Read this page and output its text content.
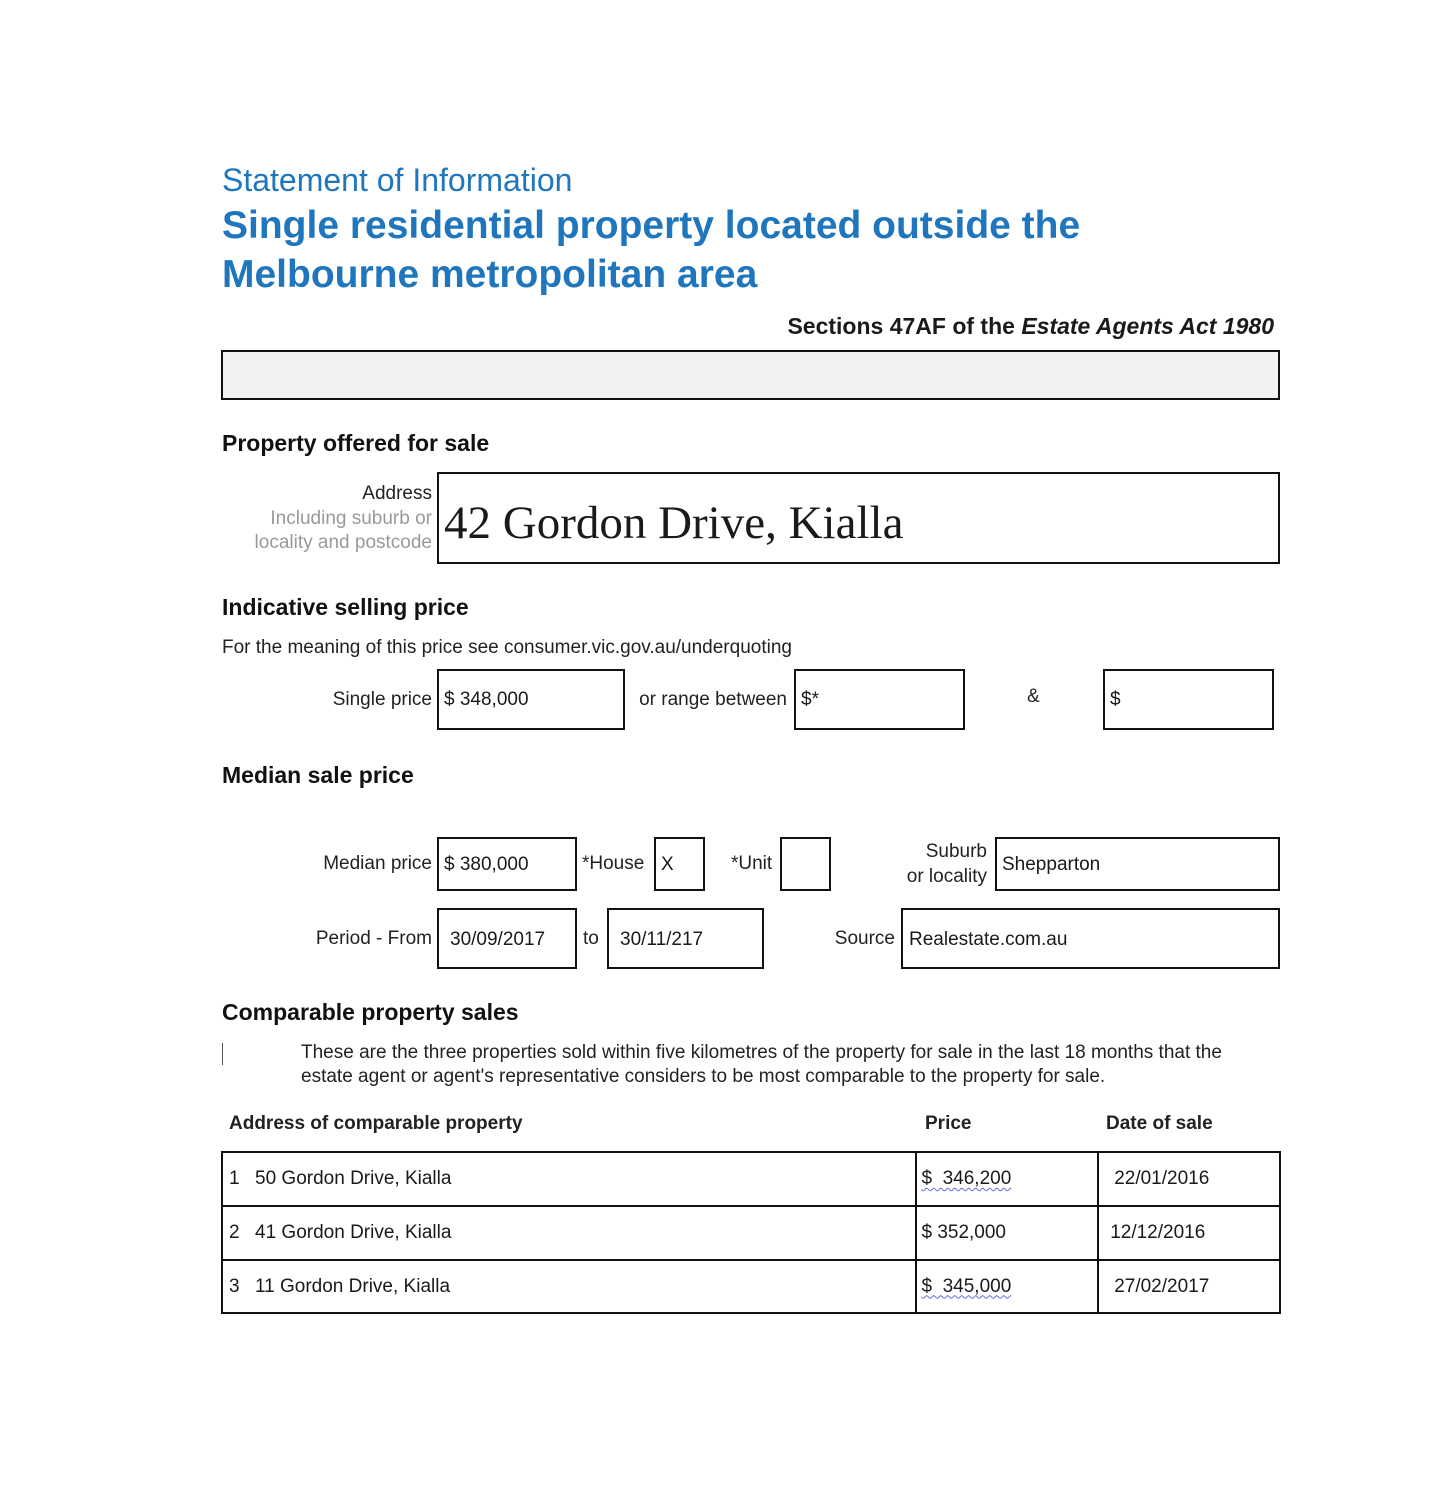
Statement of Information
Single residential property located outside the
Melbourne metropolitan area
Sections 47AF of the Estate Agents Act 1980
Property offered for sale
Address
Including suburb or
locality and postcode 42 Gordon Drive, Kialla
Indicative selling price
For the meaning of this price see consumer.vic.gov.au/underquoting
Single price $ 348,000	or range between $*	&	$
Median sale price
Median price $ 380,000	*House X	*Unit
Suburb
or locality
Shepparton
Period - From 30/09/2017 to 30/11/217	Source Realestate.com.au
Comparable property sales
These are the three properties sold within five kilometres of the property for sale in the last 18 months that the
estate agent or agent's representative considers to be most comparable to the property for sale.
Address of comparable property	Price	Date of sale
1 50 Gordon Drive, Kialla	$  346,200	22/01/2016
2 41 Gordon Drive, Kialla	$ 352,000	12/12/2016
3 11 Gordon Drive, Kialla	$  345,000	27/02/2017
